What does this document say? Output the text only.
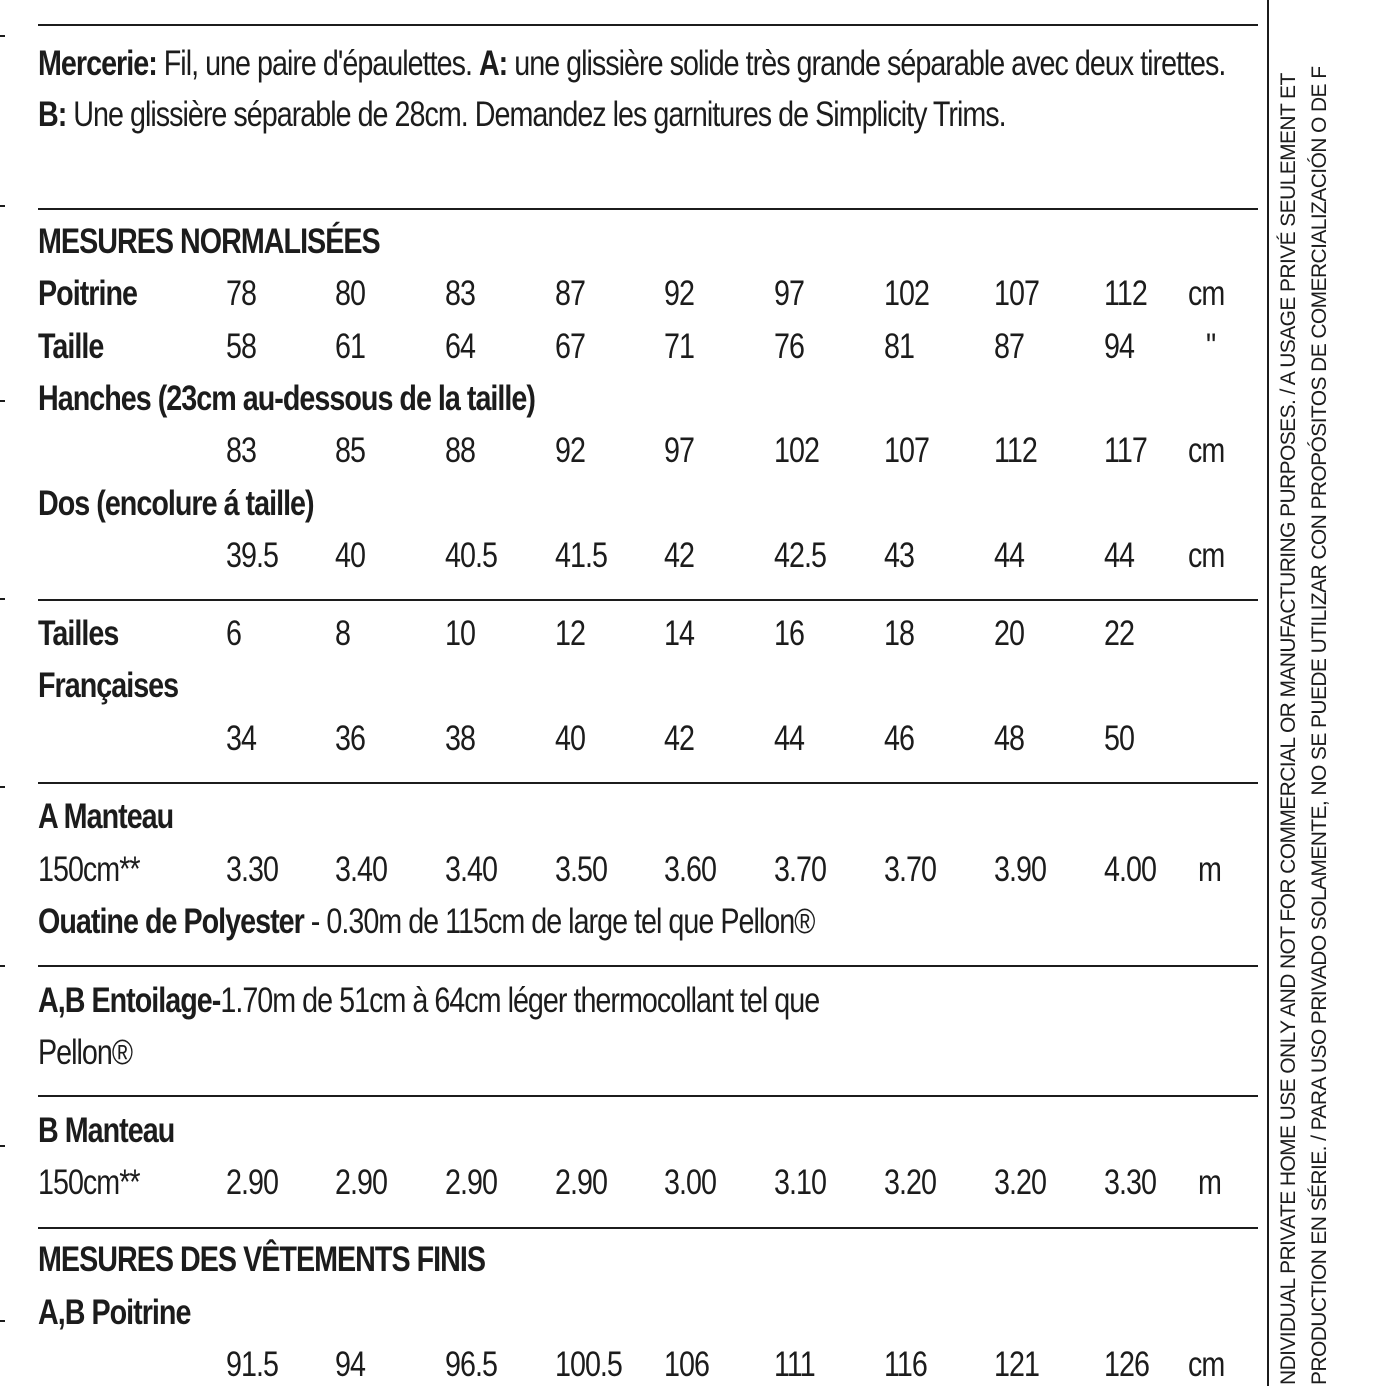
Mercerie: Fil, une paire d'épaulettes. A: une glissière solide très grande séparable avec deux tirettes. B: Une glissière séparable de 28cm. Demandez les garnitures de Simplicity Trims.
MESURES NORMALISÉES
Poitrine	78 80 83 87 92 97 102 107 112 cm
Taille	58 61 64 67 71 76 81 87 94 "
Hanches (23cm au-dessous de la taille)
83 85 88 92 97 102 107 112 117 cm
Dos (encolure á taille)
39.5 40 40.5 41.5 42 42.5 43 44 44 cm
Tailles	6	8	10 12 14 16 18 20 22
Françaises
34 36 38 40 42 44 46 48 50
A Manteau
150cm** 3.30 3.40 3.40 3.50 3.60 3.70 3.70 3.90 4.00 m
Ouatine de Polyester - 0.30m de 115cm de large tel que Pellon®
A,B Entoilage-1.70m de 51cm à 64cm léger thermocollant tel que
Pellon®
B Manteau
150cm** 2.90 2.90 2.90 2.90 3.00 3.10 3.20 3.20 3.30 m
MESURES DES VÊTEMENTS FINIS
A,B Poitrine
91.5 94 96.5 100.5 106 111 116 121 126 cm	NDIVIDUAL PRIVATE HOME USE ONLY AND NOT FOR COMMERCIAL OR MANUFACTURING PURPOSES. / A USAGE PRIVÉ SEULEMENT ET PRODUCTION EN SÉRIE. / PARA USO PRIVADO SOLAMENTE, NO SE PUEDE UTILIZAR CON PROPÓSITOS DE COMERCIALIZACIÓN O DE F
